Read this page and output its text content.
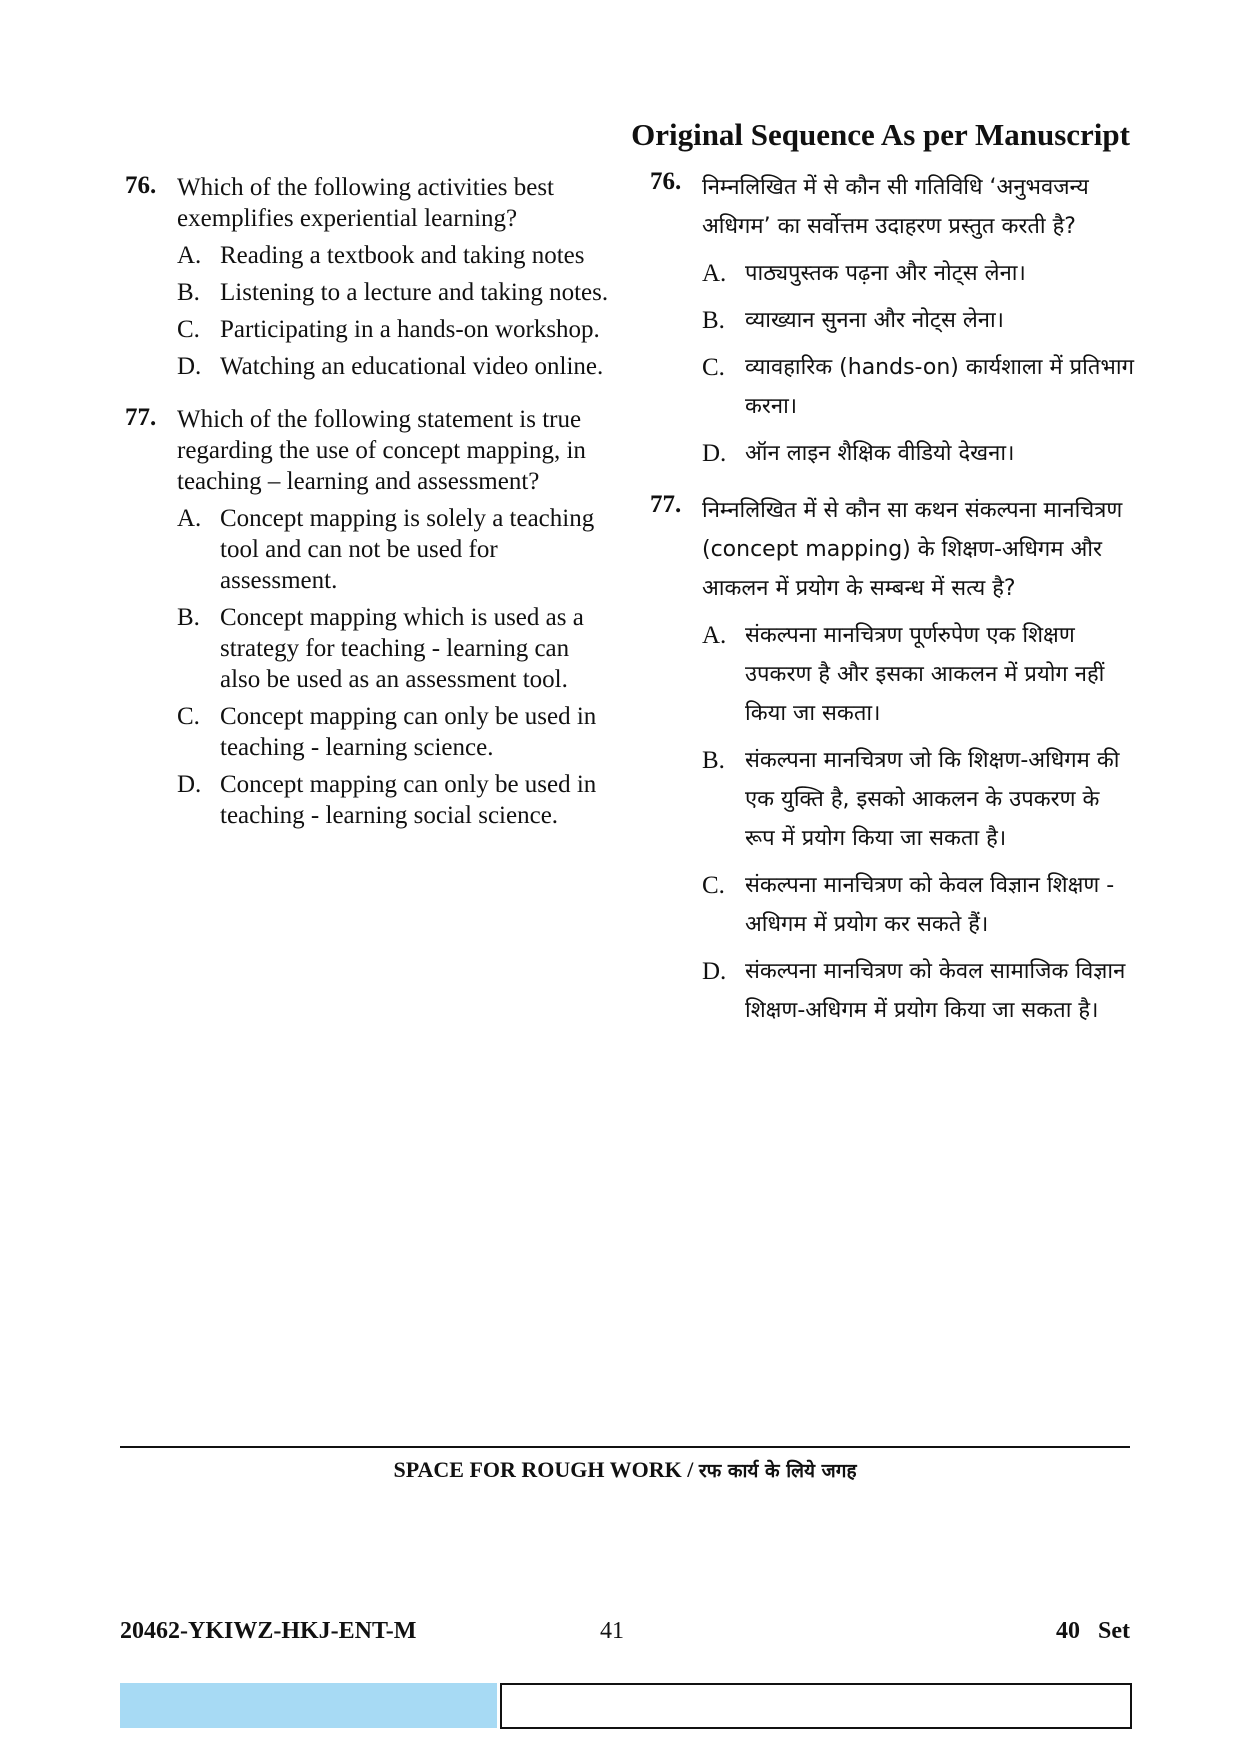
Original Sequence As per Manuscript
76. Which of the following activities best exemplifies experiential learning?
A. Reading a textbook and taking notes
B. Listening to a lecture and taking notes.
C. Participating in a hands-on workshop.
D. Watching an educational video online.
77. Which of the following statement is true regarding the use of concept mapping, in teaching – learning and assessment?
A. Concept mapping is solely a teaching tool and can not be used for assessment.
B. Concept mapping which is used as a strategy for teaching - learning can also be used as an assessment tool.
C. Concept mapping can only be used in teaching - learning science.
D. Concept mapping can only be used in teaching - learning social science.
76. निम्नलिखित में से कौन सी गतिविधि ‘अनुभवजन्य अधिगम’ का सर्वोत्तम उदाहरण प्रस्तुत करती है?
A. पाठ्यपुस्तक पढ़ना और नोट्स लेना।
B. व्याख्यान सुनना और नोट्स लेना।
C. व्यावहारिक (hands-on) कार्यशाला में प्रतिभाग करना।
D. ऑन लाइन शैक्षिक वीडियो देखना।
77. निम्नलिखित में से कौन सा कथन संकल्पना मानचित्रण (concept mapping) के शिक्षण-अधिगम और आकलन में प्रयोग के सम्बन्ध में सत्य है?
A. संकल्पना मानचित्रण पूर्णरुपेण एक शिक्षण उपकरण है और इसका आकलन में प्रयोग नहीं किया जा सकता।
B. संकल्पना मानचित्रण जो कि शिक्षण-अधिगम की एक युक्ति है, इसको आकलन के उपकरण के रूप में प्रयोग किया जा सकता है।
C. संकल्पना मानचित्रण को केवल विज्ञान शिक्षण - अधिगम में प्रयोग कर सकते हैं।
D. संकल्पना मानचित्रण को केवल सामाजिक विज्ञान शिक्षण-अधिगम में प्रयोग किया जा सकता है।
SPACE FOR ROUGH WORK / रफ कार्य के लिये जगह
20462-YKIWZ-HKJ-ENT-M	41	40   Set
